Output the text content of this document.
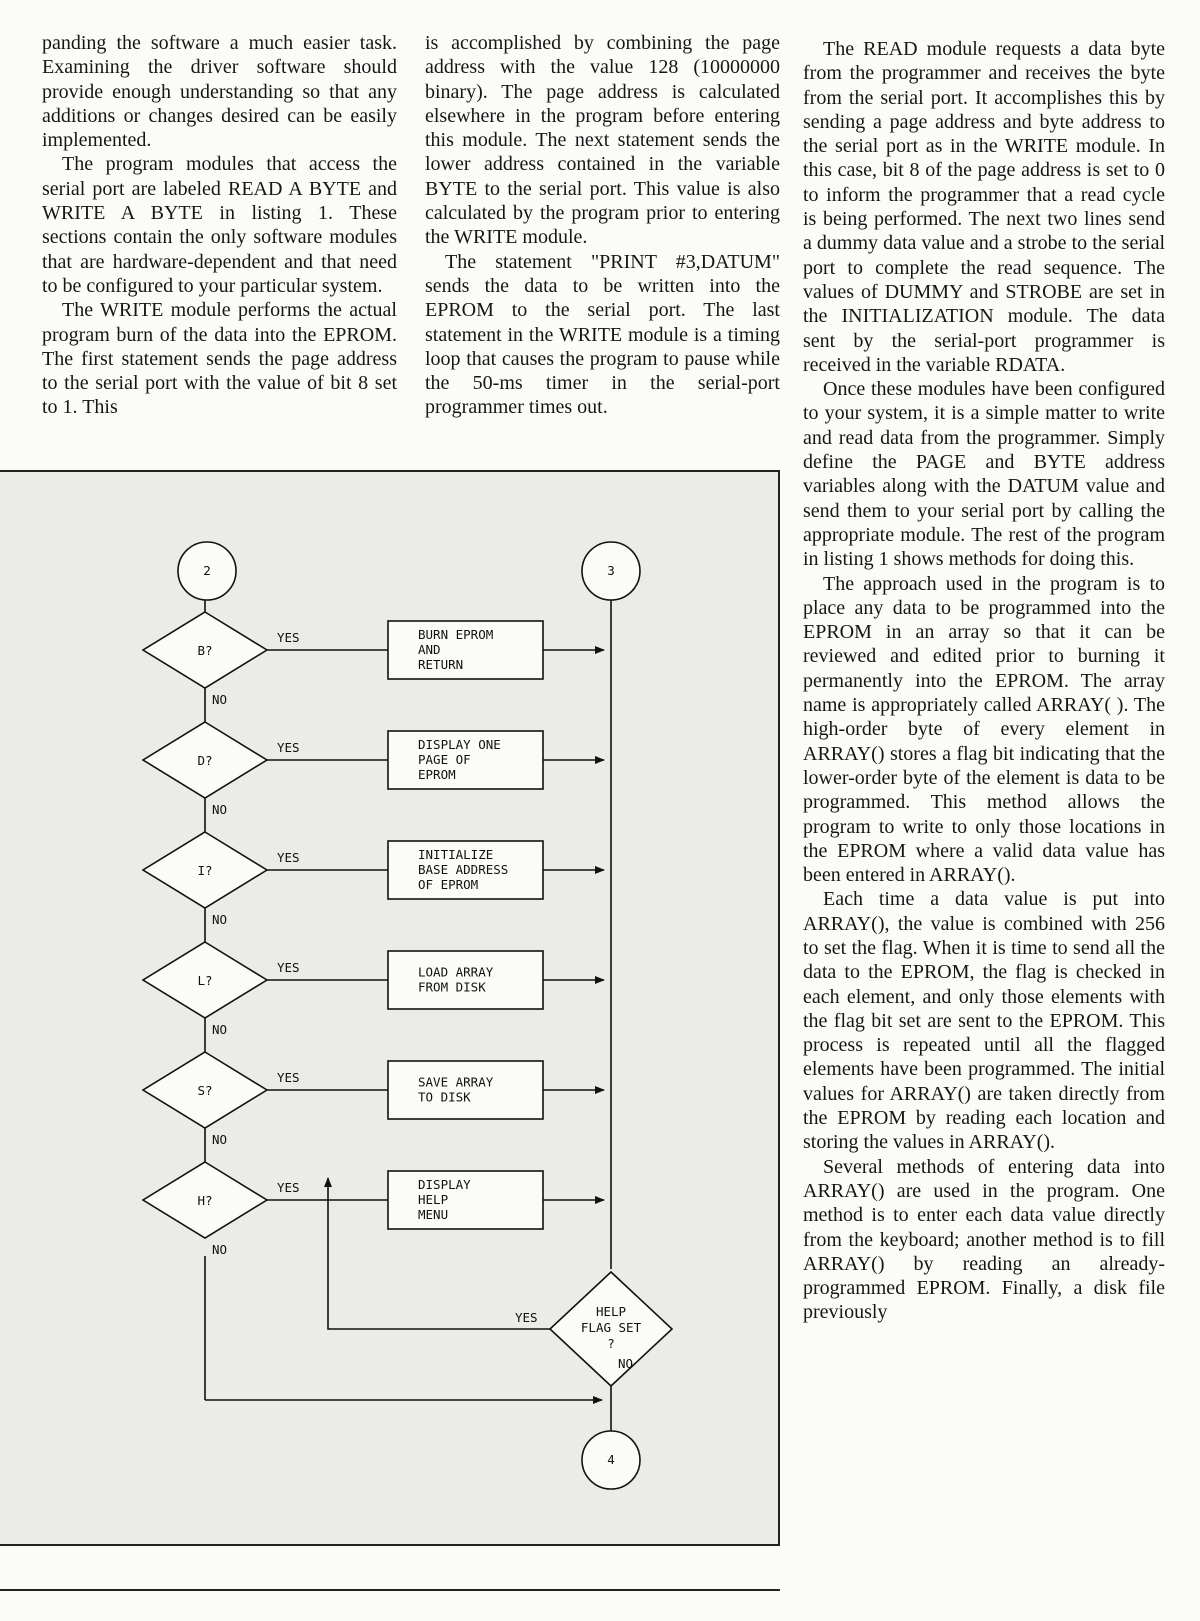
panding the software a much easier task. Examining the driver software should provide enough understanding so that any additions or changes desired can be easily implemented.

The program modules that access the serial port are labeled READ A BYTE and WRITE A BYTE in listing 1. These sections contain the only software modules that are hardware-dependent and that need to be configured to your particular system.

The WRITE module performs the actual program burn of the data into the EPROM. The first statement sends the page address to the serial port with the value of bit 8 set to 1. This

is accomplished by combining the page address with the value 128 (10000000 binary). The page address is calculated elsewhere in the program before entering this module. The next statement sends the lower address contained in the variable BYTE to the serial port. This value is also calculated by the program prior to entering the WRITE module.

The statement "PRINT #3,DATUM" sends the data to be written into the EPROM to the serial port. The last statement in the WRITE module is a timing loop that causes the program to pause while the 50-ms timer in the serial-port programmer times out.

The READ module requests a data byte from the programmer and receives the byte from the serial port. It accomplishes this by sending a page address and byte address to the serial port as in the WRITE module. In this case, bit 8 of the page address is set to 0 to inform the programmer that a read cycle is being performed. The next two lines send a dummy data value and a strobe to the serial port to complete the read sequence. The values of DUMMY and STROBE are set in the INITIALIZATION module. The data sent by the serial-port programmer is received in the variable RDATA.

Once these modules have been configured to your system, it is a simple matter to write and read data from the programmer. Simply define the PAGE and BYTE address variables along with the DATUM value and send them to your serial port by calling the appropriate module. The rest of the program in listing 1 shows methods for doing this.

The approach used in the program is to place any data to be programmed into the EPROM in an array so that it can be reviewed and edited prior to burning it permanently into the EPROM. The array name is appropriately called ARRAY( ). The high-order byte of every element in ARRAY() stores a flag bit indicating that the lower-order byte of the element is data to be programmed. This method allows the program to write to only those locations in the EPROM where a valid data value has been entered in ARRAY().

Each time a data value is put into ARRAY(), the value is combined with 256 to set the flag. When it is time to send all the data to the EPROM, the flag is checked in each element, and only those elements with the flag bit set are sent to the EPROM. This process is repeated until all the flagged elements have been programmed. The initial values for ARRAY() are taken directly from the EPROM by reading each location and storing the values in ARRAY().

Several methods of entering data into ARRAY() are used in the program. One method is to enter each data value directly from the keyboard; another method is to fill ARRAY() by reading an already-programmed EPROM. Finally, a disk file previously

2	3
B?
YES	BURN EPROM
AND
RETURN
NO
D?
YES	DISPLAY ONE
PAGE OF
EPROM
NO
I?
YES	INITIALIZE
BASE ADDRESS
OF EPROM
NO
L?
YES	LOAD ARRAY
FROM DISK
NO
S?
YES	SAVE ARRAY
TO DISK
NO
H?
YES	DISPLAY
HELP
MENU
NO
HELP
FLAG SET
?
YES
NO
4
